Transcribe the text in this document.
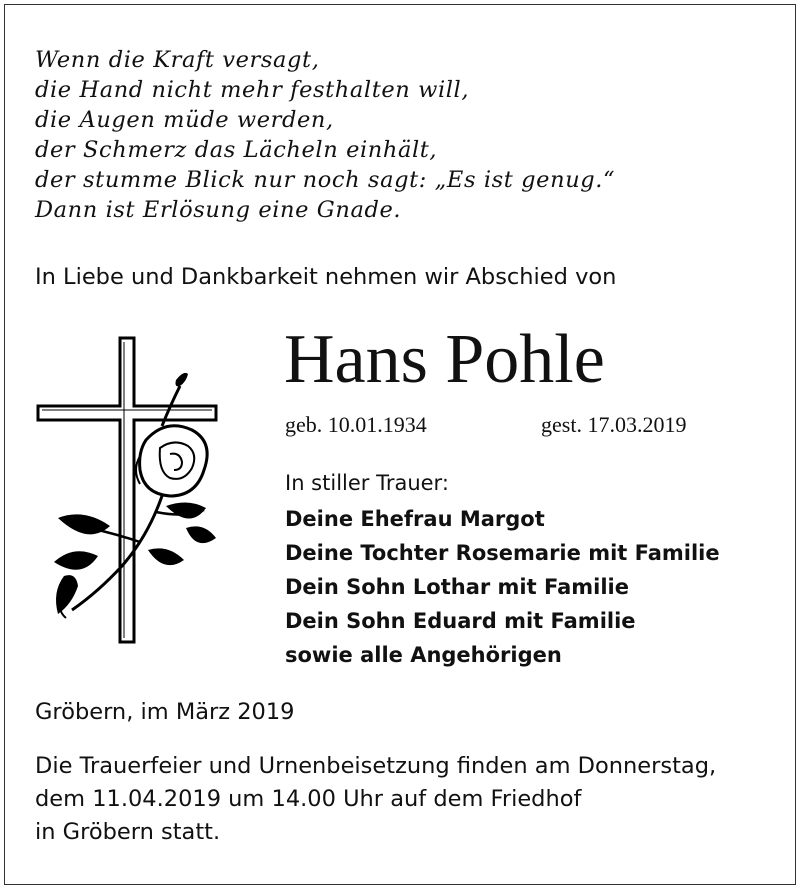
Wenn die Kraft versagt,
die Hand nicht mehr festhalten will,
die Augen müde werden,
der Schmerz das Lächeln einhält,
der stumme Blick nur noch sagt: „Es ist genug.“
Dann ist Erlösung eine Gnade.
In Liebe und Dankbarkeit nehmen wir Abschied von
Hans Pohle
geb. 10.01.1934	gest. 17.03.2019
In stiller Trauer:
Deine Ehefrau Margot
Deine Tochter Rosemarie mit Familie
Dein Sohn Lothar mit Familie
Dein Sohn Eduard mit Familie
sowie alle Angehörigen
Gröbern, im März 2019
Die Trauerfeier und Urnenbeisetzung finden am Donnerstag,
dem 11.04.2019 um 14.00 Uhr auf dem Friedhof
in Gröbern statt.
